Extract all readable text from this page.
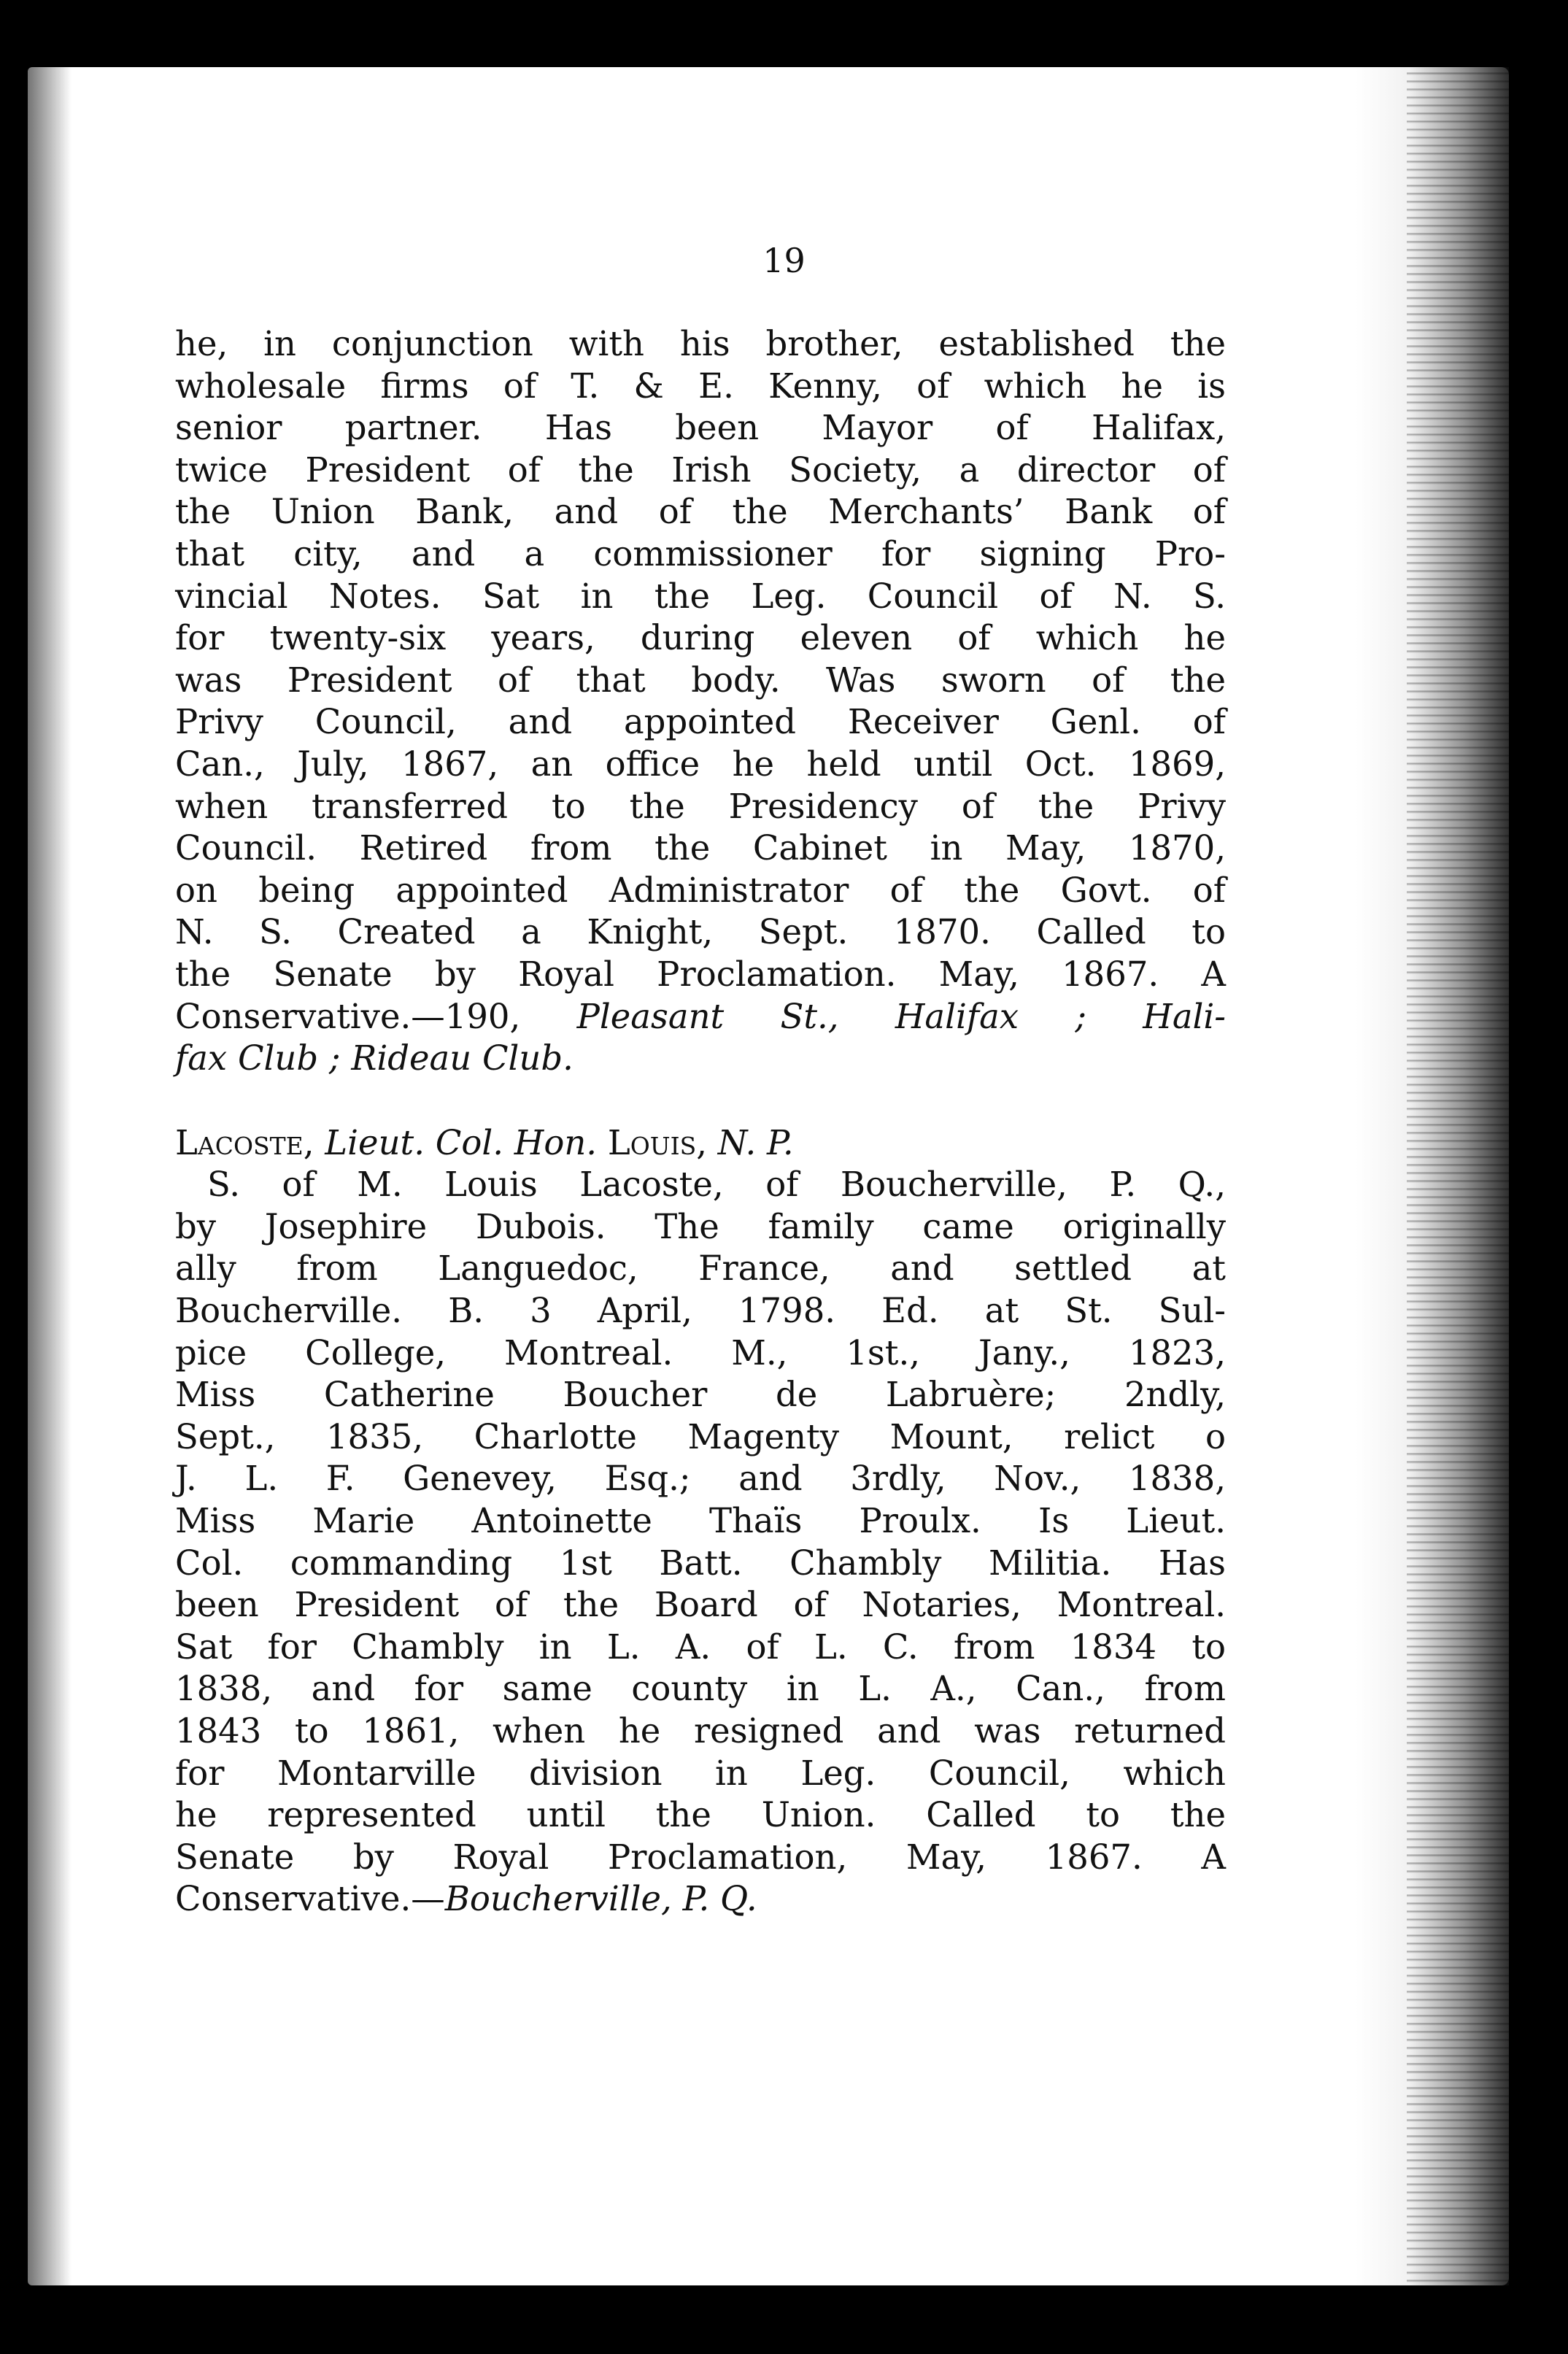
19
he, in conjunction with his brother, established the
wholesale firms of T. & E. Kenny, of which he is
senior partner. Has been Mayor of Halifax,
twice President of the Irish Society, a director of
the Union Bank, and of the Merchants’ Bank of
that city, and a commissioner for signing Pro-
vincial Notes. Sat in the Leg. Council of N. S.
for twenty-six years, during eleven of which he
was President of that body. Was sworn of the
Privy Council, and appointed Receiver Genl. of
Can., July, 1867, an office he held until Oct. 1869,
when transferred to the Presidency of the Privy
Council. Retired from the Cabinet in May, 1870,
on being appointed Administrator of the Govt. of
N. S. Created a Knight, Sept. 1870. Called to
the Senate by Royal Proclamation. May, 1867. A
Conservative.—190, Pleasant St., Halifax ; Hali-
fax Club ; Rideau Club.
Lacoste, Lieut. Col. Hon. Louis, N. P.
S. of M. Louis Lacoste, of Boucherville, P. Q.,
by Josephire Dubois. The family came originally
ally from Languedoc, France, and settled at
Boucherville. B. 3 April, 1798. Ed. at St. Sul-
pice College, Montreal. M., 1st., Jany., 1823,
Miss Catherine Boucher de Labruère; 2ndly,
Sept., 1835, Charlotte Magenty Mount, relict o
J. L. F. Genevey, Esq.; and 3rdly, Nov., 1838,
Miss Marie Antoinette Thaïs Proulx. Is Lieut.
Col. commanding 1st Batt. Chambly Militia. Has
been President of the Board of Notaries, Montreal.
Sat for Chambly in L. A. of L. C. from 1834 to
1838, and for same county in L. A., Can., from
1843 to 1861, when he resigned and was returned
for Montarville division in Leg. Council, which
he represented until the Union. Called to the
Senate by Royal Proclamation, May, 1867. A
Conservative.—Boucherville, P. Q.
